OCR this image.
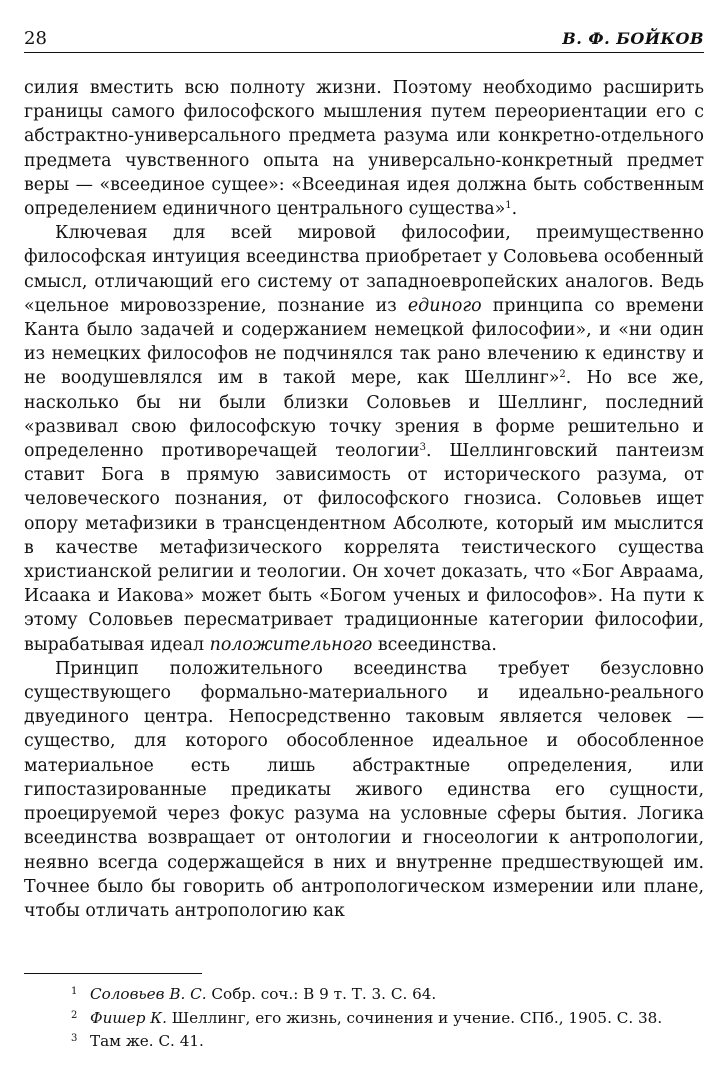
28	В. Ф. БОЙКОВ

силия вместить всю полноту жизни. Поэтому необходимо расширить границы самого философского мышления путем переориентации его с абстрактно-универсального предмета разума или конкретно-отдельного предмета чувственного опыта на универсально-конкретный предмет веры — «всеединое сущее»: «Всеединая идея должна быть собственным определением единичного центрального существа»$^1$.

Ключевая для всей мировой философии, преимущественно философская интуиция всеединства приобретает у Соловьева особенный смысл, отличающий его систему от западноевропейских аналогов. Ведь «цельное мировоззрение, познание из единого принципа со времени Канта было задачей и содержанием немецкой философии», и «ни один из немецких философов не подчинялся так рано влечению к единству и не воодушевлялся им в такой мере, как Шеллинг»$^2$. Но все же, насколько бы ни были близки Соловьев и Шеллинг, последний «развивал свою философскую точку зрения в форме решительно и определенно противоречащей теологии$^3$. Шеллинговский пантеизм ставит Бога в прямую зависимость от исторического разума, от человеческого познания, от философского гнозиса. Соловьев ищет опору метафизики в трансцендентном Абсолюте, который им мыслится в качестве метафизического коррелята теистического существа христианской религии и теологии. Он хочет доказать, что «Бог Авраама, Исаака и Иакова» может быть «Богом ученых и философов». На пути к этому Соловьев пересматривает традиционные категории философии, вырабатывая идеал положительного всеединства.

Принцип положительного всеединства требует безусловно существующего формально-материального и идеально-реального двуединого центра. Непосредственно таковым является человек — существо, для которого обособленное идеальное и обособленное материальное есть лишь абстрактные определения, или гипостазированные предикаты живого единства его сущности, проецируемой через фокус разума на условные сферы бытия. Логика всеединства возвращает от онтологии и гносеологии к антропологии, неявно всегда содержащейся в них и внутренне предшествующей им. Точнее было бы говорить об антропологическом измерении или плане, чтобы отличать антропологию как

1 Соловьев В. С. Собр. соч.: В 9 т. Т. 3. С. 64.
2 Фишер К. Шеллинг, его жизнь, сочинения и учение. СПб., 1905. С. 38.
3 Там же. С. 41.
